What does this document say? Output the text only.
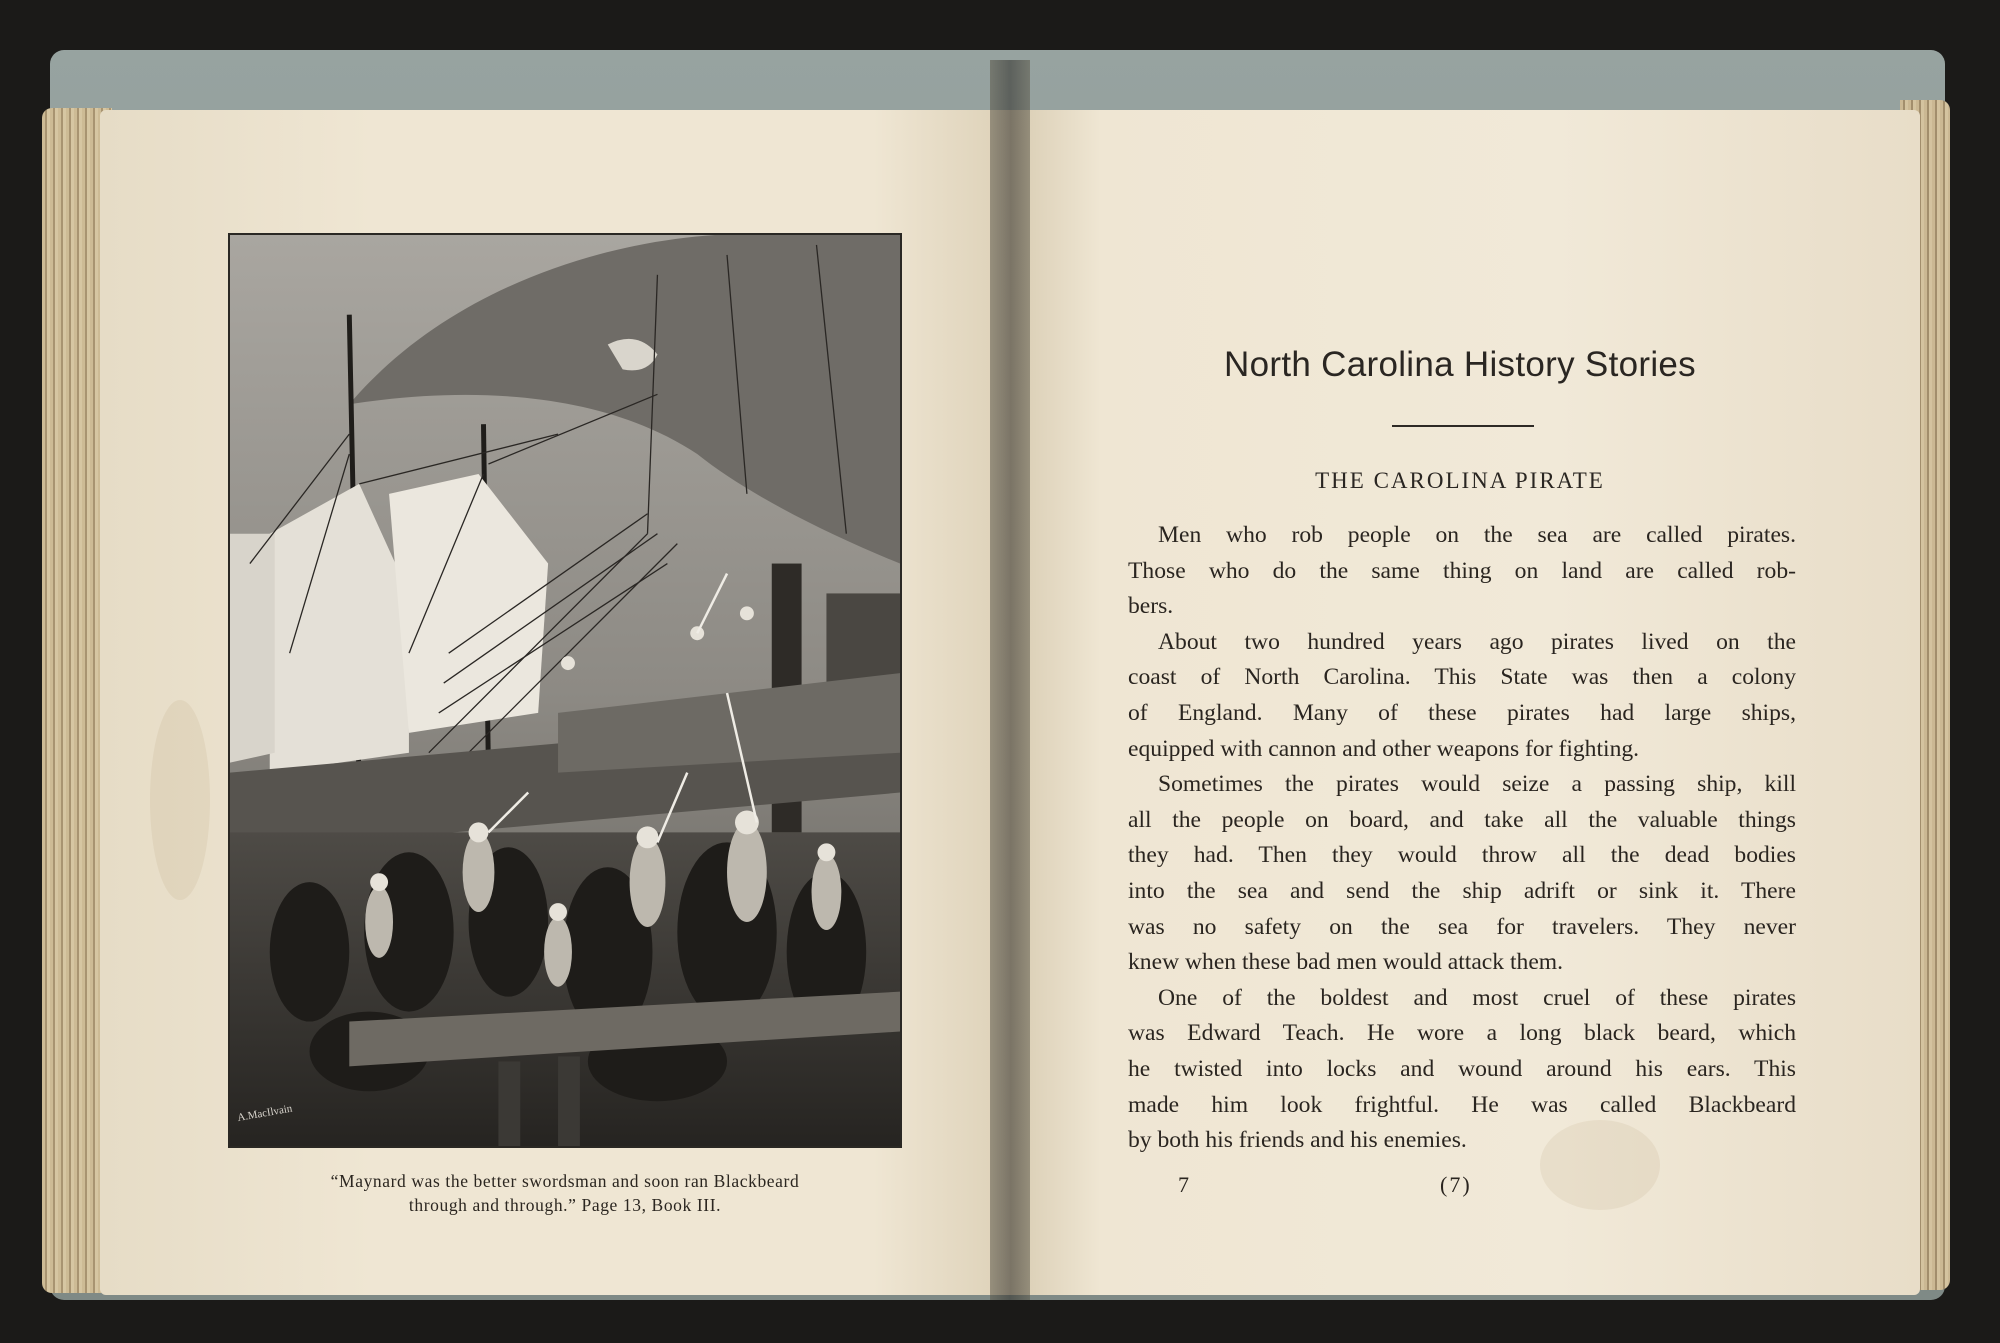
A.MacIlvain
“Maynard was the better swordsman and soon ran Blackbeard
through and through.” Page 13, Book III.
North Carolina History Stories
THE CAROLINA PIRATE
Men who rob people on the sea are called pirates.
Those who do the same thing on land are called rob-
bers.
About two hundred years ago pirates lived on the
coast of North Carolina. This State was then a colony
of England. Many of these pirates had large ships,
equipped with cannon and other weapons for fighting.
Sometimes the pirates would seize a passing ship, kill
all the people on board, and take all the valuable things
they had. Then they would throw all the dead bodies
into the sea and send the ship adrift or sink it. There
was no safety on the sea for travelers. They never
knew when these bad men would attack them.
One of the boldest and most cruel of these pirates
was Edward Teach. He wore a long black beard, which
he twisted into locks and wound around his ears. This
made him look frightful. He was called Blackbeard
by both his friends and his enemies.
7	(7)
